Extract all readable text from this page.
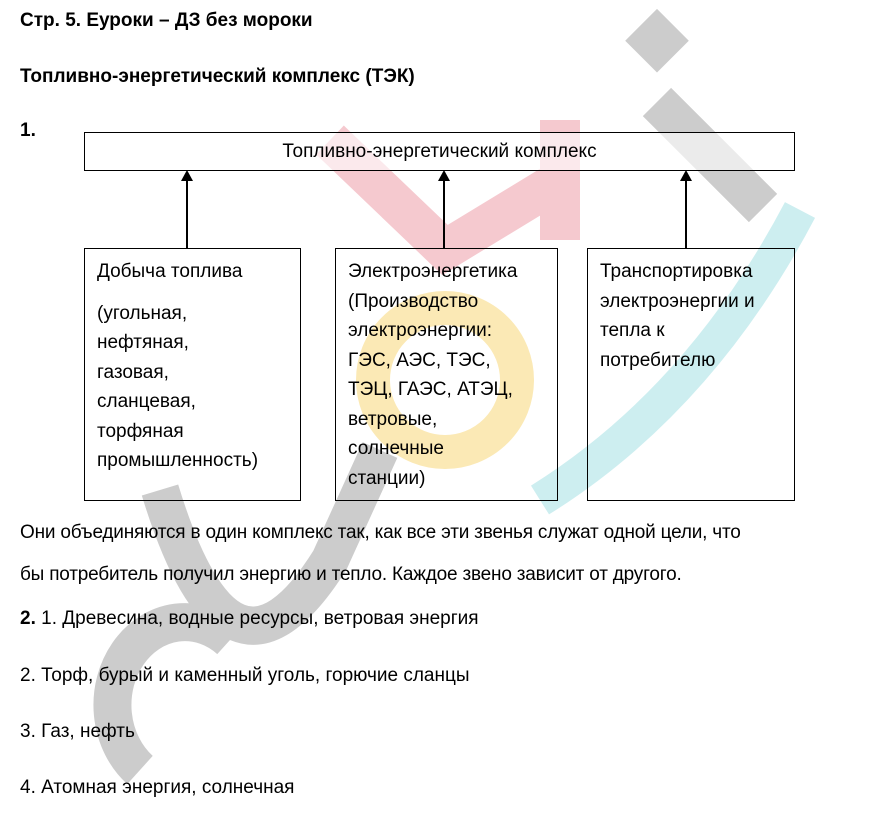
Стр. 5. Еуроки – ДЗ без мороки
Топливно-энергетический комплекс (ТЭК)
1.
Топливно-энергетический комплекс
Добыча топлива
(угольная,
нефтяная,
газовая,
сланцевая,
торфяная
промышленность)
Электроэнергетика
(Производство
электроэнергии:
ГЭС, АЭС, ТЭС,
ТЭЦ, ГАЭС, АТЭЦ,
ветровые,
солнечные
станции)
Транспортировка
электроэнергии и
тепла к
потребителю
Они объединяются в один комплекс так, как все эти звенья служат одной цели, что
бы потребитель получил энергию и тепло. Каждое звено зависит от другого.
2. 1. Древесина, водные ресурсы, ветровая энергия
2. Торф, бурый и каменный уголь, горючие сланцы
3. Газ, нефть
4. Атомная энергия, солнечная
